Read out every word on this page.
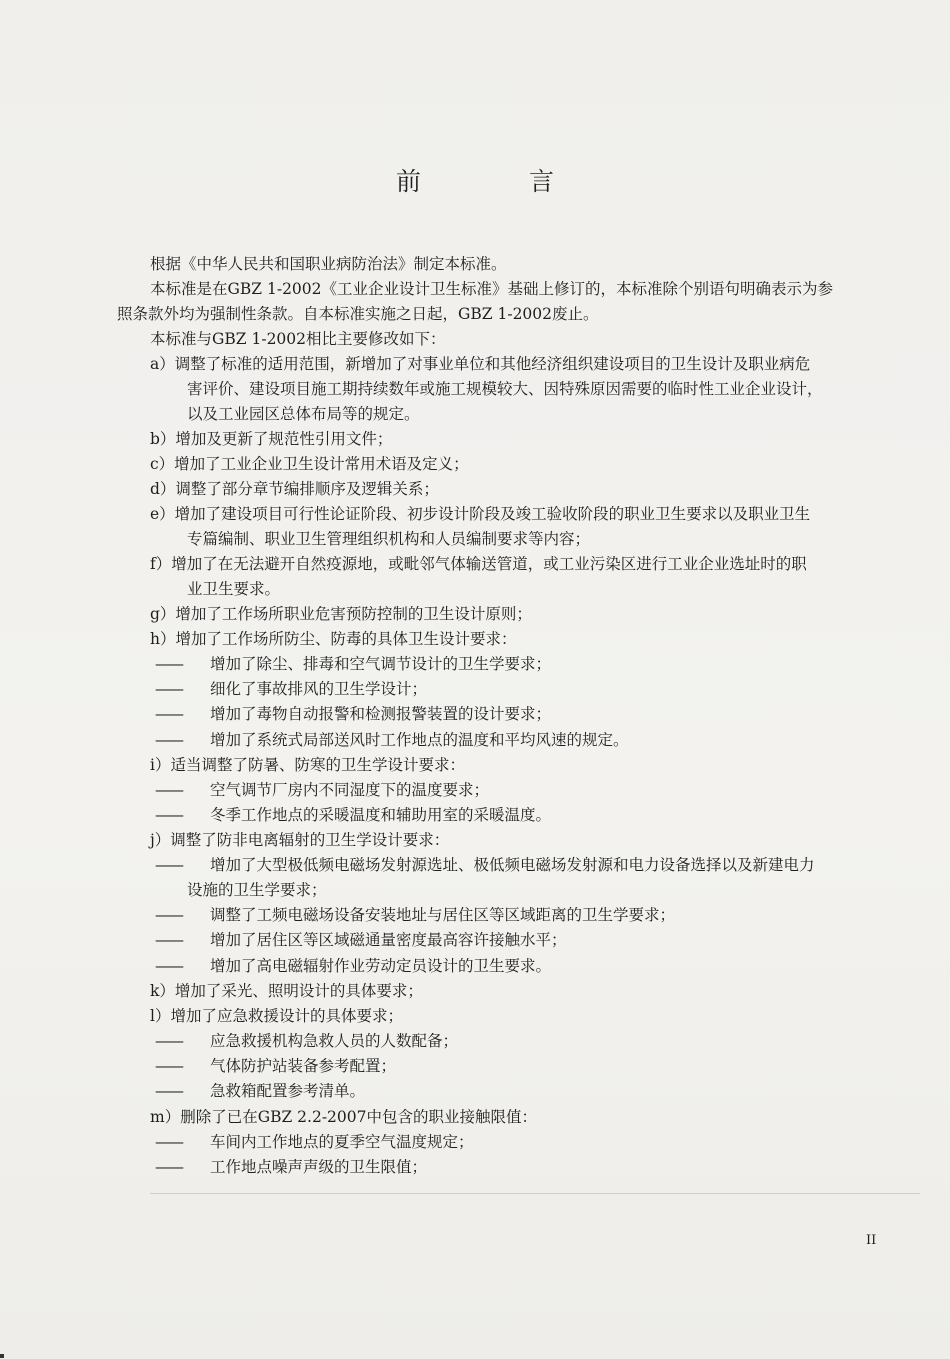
前 言
根据《中华人民共和国职业病防治法》制定本标准。
本标准是在GBZ 1-2002《工业企业设计卫生标准》基础上修订的，本标准除个别语句明确表示为参
照条款外均为强制性条款。自本标准实施之日起，GBZ 1-2002废止。
本标准与GBZ 1-2002相比主要修改如下：
a）调整了标准的适用范围，新增加了对事业单位和其他经济组织建设项目的卫生设计及职业病危
害评价、建设项目施工期持续数年或施工规模较大、因特殊原因需要的临时性工业企业设计，
以及工业园区总体布局等的规定。
b）增加及更新了规范性引用文件；
c）增加了工业企业卫生设计常用术语及定义；
d）调整了部分章节编排顺序及逻辑关系；
e）增加了建设项目可行性论证阶段、初步设计阶段及竣工验收阶段的职业卫生要求以及职业卫生
专篇编制、职业卫生管理组织机构和人员编制要求等内容；
f）增加了在无法避开自然疫源地，或毗邻气体输送管道，或工业污染区进行工业企业选址时的职
业卫生要求。
g）增加了工作场所职业危害预防控制的卫生设计原则；
h）增加了工作场所防尘、防毒的具体卫生设计要求：
—— 增加了除尘、排毒和空气调节设计的卫生学要求；
—— 细化了事故排风的卫生学设计；
—— 增加了毒物自动报警和检测报警装置的设计要求；
—— 增加了系统式局部送风时工作地点的温度和平均风速的规定。
i）适当调整了防暑、防寒的卫生学设计要求：
—— 空气调节厂房内不同湿度下的温度要求；
—— 冬季工作地点的采暖温度和辅助用室的采暖温度。
j）调整了防非电离辐射的卫生学设计要求：
—— 增加了大型极低频电磁场发射源选址、极低频电磁场发射源和电力设备选择以及新建电力
设施的卫生学要求；
—— 调整了工频电磁场设备安装地址与居住区等区域距离的卫生学要求；
—— 增加了居住区等区域磁通量密度最高容许接触水平；
—— 增加了高电磁辐射作业劳动定员设计的卫生要求。
k）增加了采光、照明设计的具体要求；
l）增加了应急救援设计的具体要求；
—— 应急救援机构急救人员的人数配备；
—— 气体防护站装备参考配置；
—— 急救箱配置参考清单。
m）删除了已在GBZ 2.2-2007中包含的职业接触限值：
—— 车间内工作地点的夏季空气温度规定；
—— 工作地点噪声声级的卫生限值；
II
